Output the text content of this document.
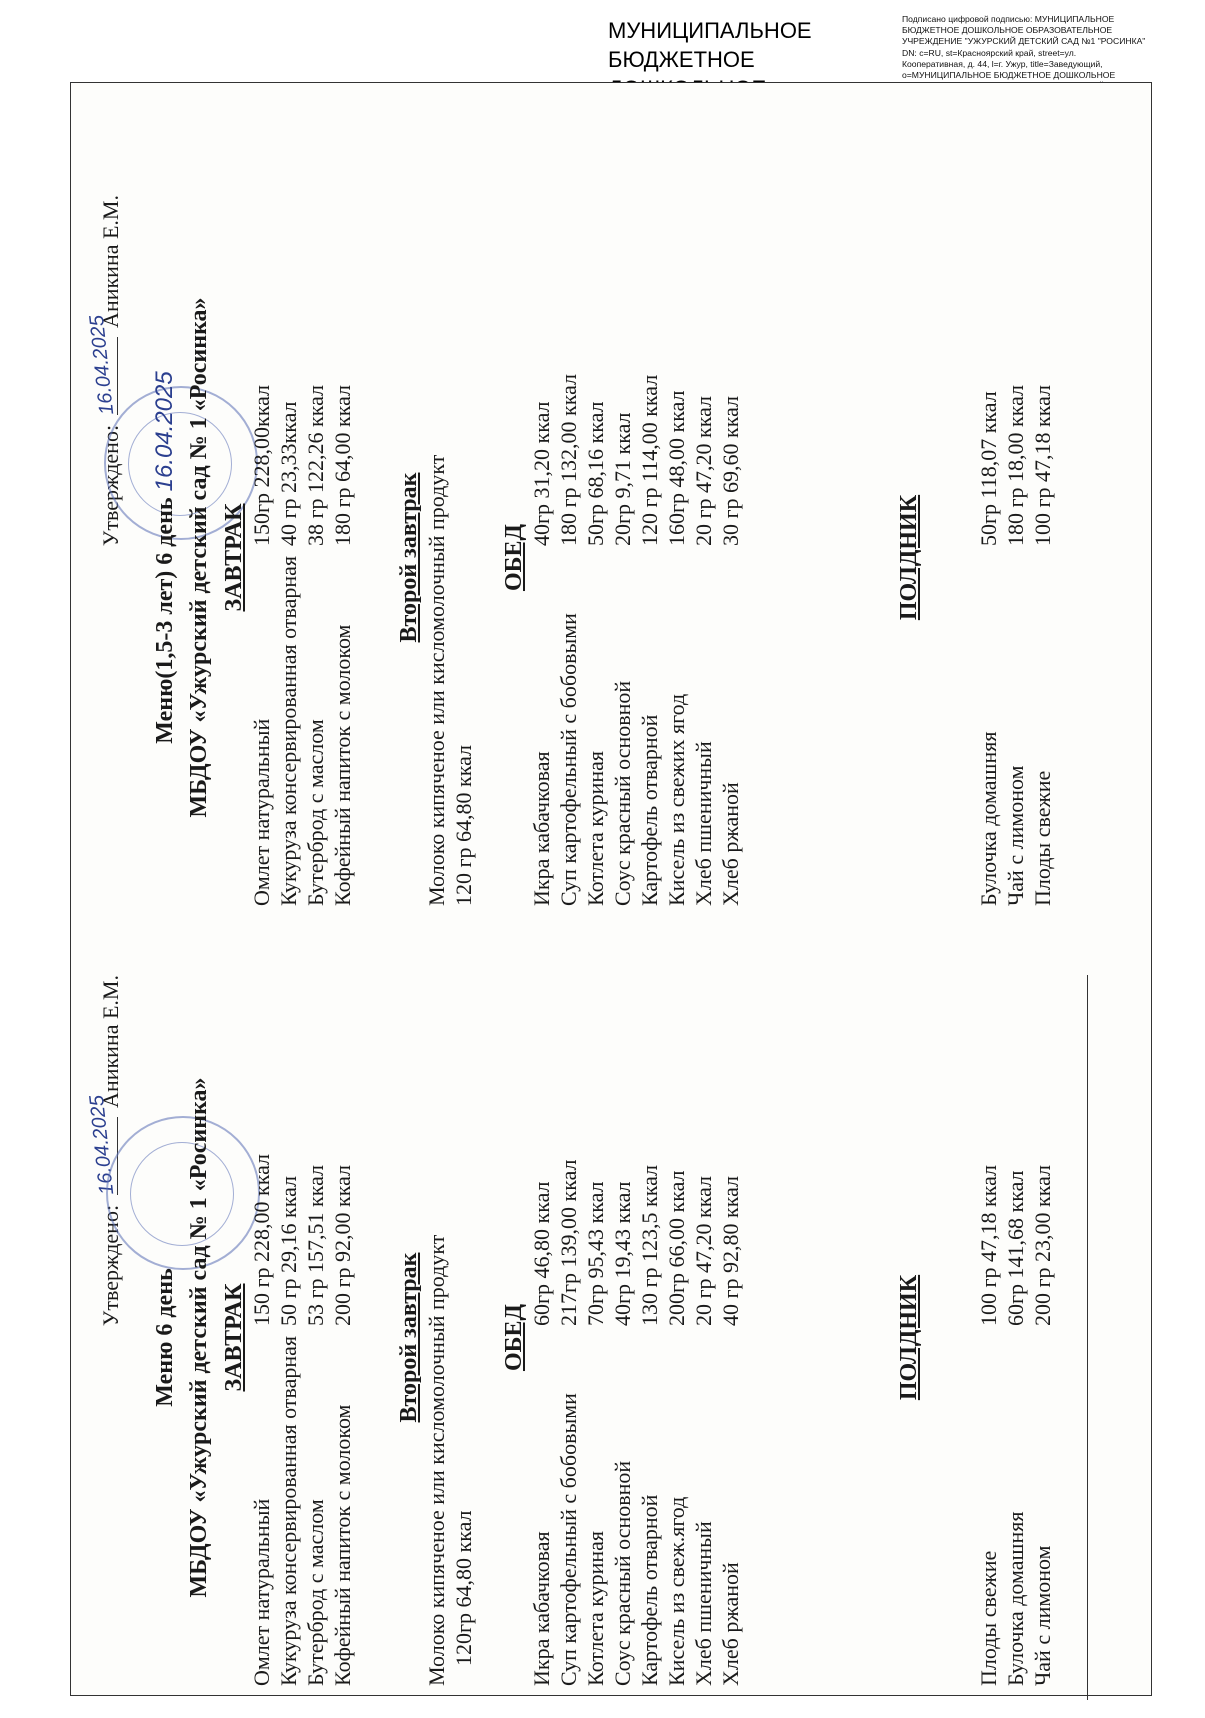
МУНИЦИПАЛЬНОЕ
БЮДЖЕТНОЕ
Подписано цифровой подписью: МУНИЦИПАЛЬНОЕ
БЮДЖЕТНОЕ ДОШКОЛЬНОЕ ОБРАЗОВАТЕЛЬНОЕ
УЧРЕЖДЕНИЕ "УЖУРСКИЙ ДЕТСКИЙ САД №1 "РОСИНКА"
DN: c=RU, st=Красноярский край, street=ул.
Кооперативная, д. 44, l=г. Ужур, title=Заведующий,
o=МУНИЦИПАЛЬНОЕ БЮДЖЕТНОЕ ДОШКОЛЬНОЕ
Утверждено:
16.04.2025
Аникина Е.М.
Меню 6 день МБДОУ «Ужурский детский сад № 1 «Росинка» ЗАВТРАК

Омлет натуральный
150 гр 228,00 ккал
Кукуруза консервированная отварная
50 гр 29,16 ккал
Бутерброд с маслом
53 гр 157,51 ккал
Кофейный напиток с молоком
200 гр 92,00 ккал

Второй завтрак Молоко кипяченое или кисломолочный продукт 120гр 64,80 ккал

ОБЕД

Икра кабачковая
60гр 46,80 ккал
Суп картофельный с бобовыми
217гр 139,00 ккал
Котлета куриная
70гр 95,43 ккал
Соус красный основной
40гр 19,43 ккал
Картофель отварной
130 гр 123,5 ккал
Кисель из свеж.ягод
200гр 66,00 ккал
Хлеб пшеничный
20 гр 47,20 ккал
Хлеб ржаной
40 гр 92,80 ккал

ПОЛДНИК

Плоды свежие
100 гр 47,18 ккал
Булочка домашняя
60гр 141,68 ккал
Чай с лимоном
200 гр 23,00 ккал
Утверждено:
16.04.2025
Аникина Е.М.
Меню(1,5-3 лет) 6 день 16.04.2025 МБДОУ «Ужурский детский сад № 1 «Росинка» ЗАВТРАК

Омлет натуральный
150гр 228,00ккал
Кукуруза консервированная отварная
40 гр 23,33ккал
Бутерброд с маслом
38 гр 122,26 ккал
Кофейный напиток с молоком
180 гр 64,00 ккал

Второй завтрак Молоко кипяченое или кисломолочный продукт 120 гр 64,80 ккал

ОБЕД

Икра кабачковая
40гр 31,20 ккал
Суп картофельный с бобовыми
180 гр 132,00 ккал
Котлета куриная
50гр 68,16 ккал
Соус красный основной
20гр 9,71 ккал
Картофель отварной
120 гр 114,00 ккал
Кисель из свежих ягод
160гр 48,00 ккал
Хлеб пшеничный
20 гр 47,20 ккал
Хлеб ржаной
30 гр 69,60 ккал

ПОЛДНИК

Булочка домашняя
50гр 118,07 ккал
Чай с лимоном
180 гр 18,00 ккал
Плоды свежие
100 гр 47,18 ккал
